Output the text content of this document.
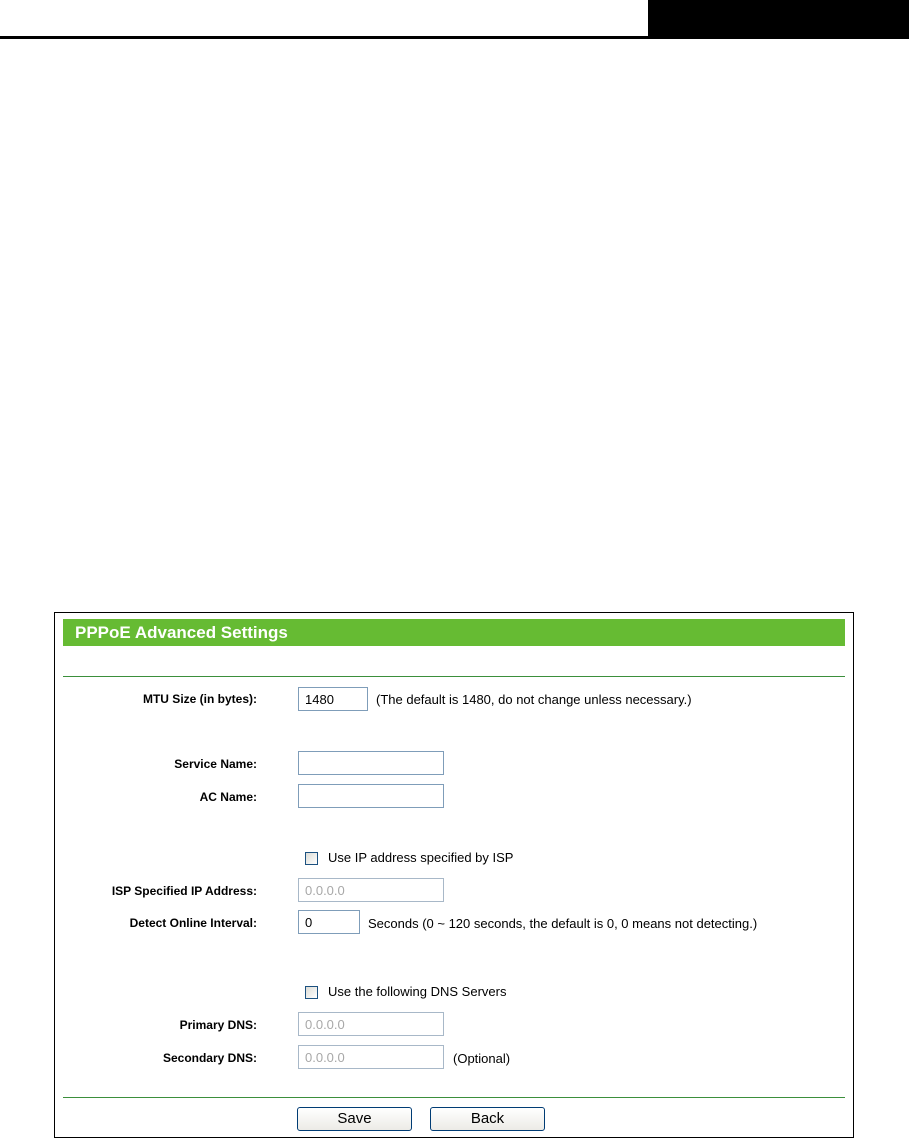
PPPoE Advanced Settings
MTU Size (in bytes):
1480	(The default is 1480, do not change unless necessary.)
Service Name:
AC Name:
Use IP address specified by ISP
ISP Specified IP Address:
0.0.0.0
Detect Online Interval:
0	Seconds (0 ~ 120 seconds, the default is 0, 0 means not detecting.)
Use the following DNS Servers
Primary DNS:
0.0.0.0
Secondary DNS:
0.0.0.0	(Optional)
Save	Back
